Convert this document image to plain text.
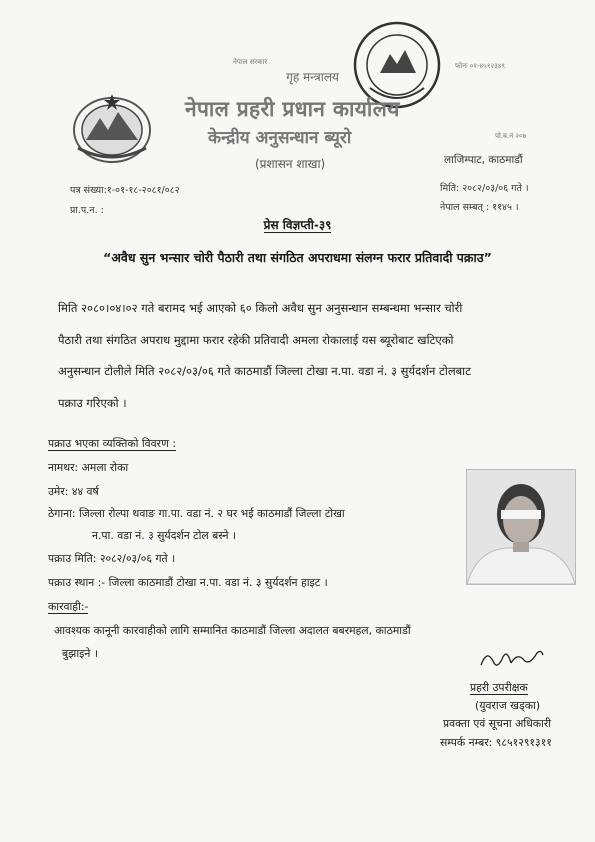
नेपाल सरकार	फोनः ०१-४५१२३४९
गृह मन्त्रालय
नेपाल प्रहरी प्रधान कार्यालय
केन्द्रीय अनुसन्धान ब्यूरो
(प्रशासन शाखा)
पो.ब.नं २०७
लाजिम्पाट, काठमाडौं
पत्र संख्या:१-०१-१८-२०८१/०८२
प्रा.प.न. :
मिति: २०८२/०३/०६ गते ।
नेपाल सम्बत् : ११४५ ।
प्रेस विज्ञप्ती-३९
“अवैध सुन भन्सार चोरी पैठारी तथा संगठित अपराधमा संलग्न फरार प्रतिवादी पक्राउ”
मिति २०८०।०४।०२ गते बरामद भई आएको ६० किलो अवैध सुन अनुसन्धान सम्बन्धमा भन्सार चोरी
पैठारी तथा संगठित अपराध मुद्दामा फरार रहेकी प्रतिवादी अमला रोकालाई यस ब्यूरोबाट खटिएको
अनुसन्धान टोलीले मिति २०८२/०३/०६ गते काठमाडौं जिल्ला टोखा न.पा. वडा नं. ३ सुर्यदर्शन टोलबाट
पक्राउ गरिएको ।
पक्राउ भएका व्यक्तिको विवरण :
नामथर: अमला रोका
उमेर: ४४ वर्ष
ठेगाना: जिल्ला रोल्पा थवाङ गा.पा. वडा नं. २ घर भई काठमाडौं जिल्ला टोखा
न.पा. वडा नं. ३ सुर्यदर्शन टोल बस्ने ।
पक्राउ मिति: २०८२/०३/०६ गते ।
पक्राउ स्थान :- जिल्ला काठमाडौं टोखा न.पा. वडा नं. ३ सुर्यदर्शन हाइट ।
कारवाही:-
आवश्यक कानूनी कारवाहीको लागि सम्मानित काठमाडौं जिल्ला अदालत बबरमहल, काठमाडौं
बुझाइने ।
प्रहरी उपरीक्षक
(युवराज खड्का)
प्रवक्ता एवं सूचना अधिकारी
सम्पर्क नम्बर: ९८५१२९१३११
